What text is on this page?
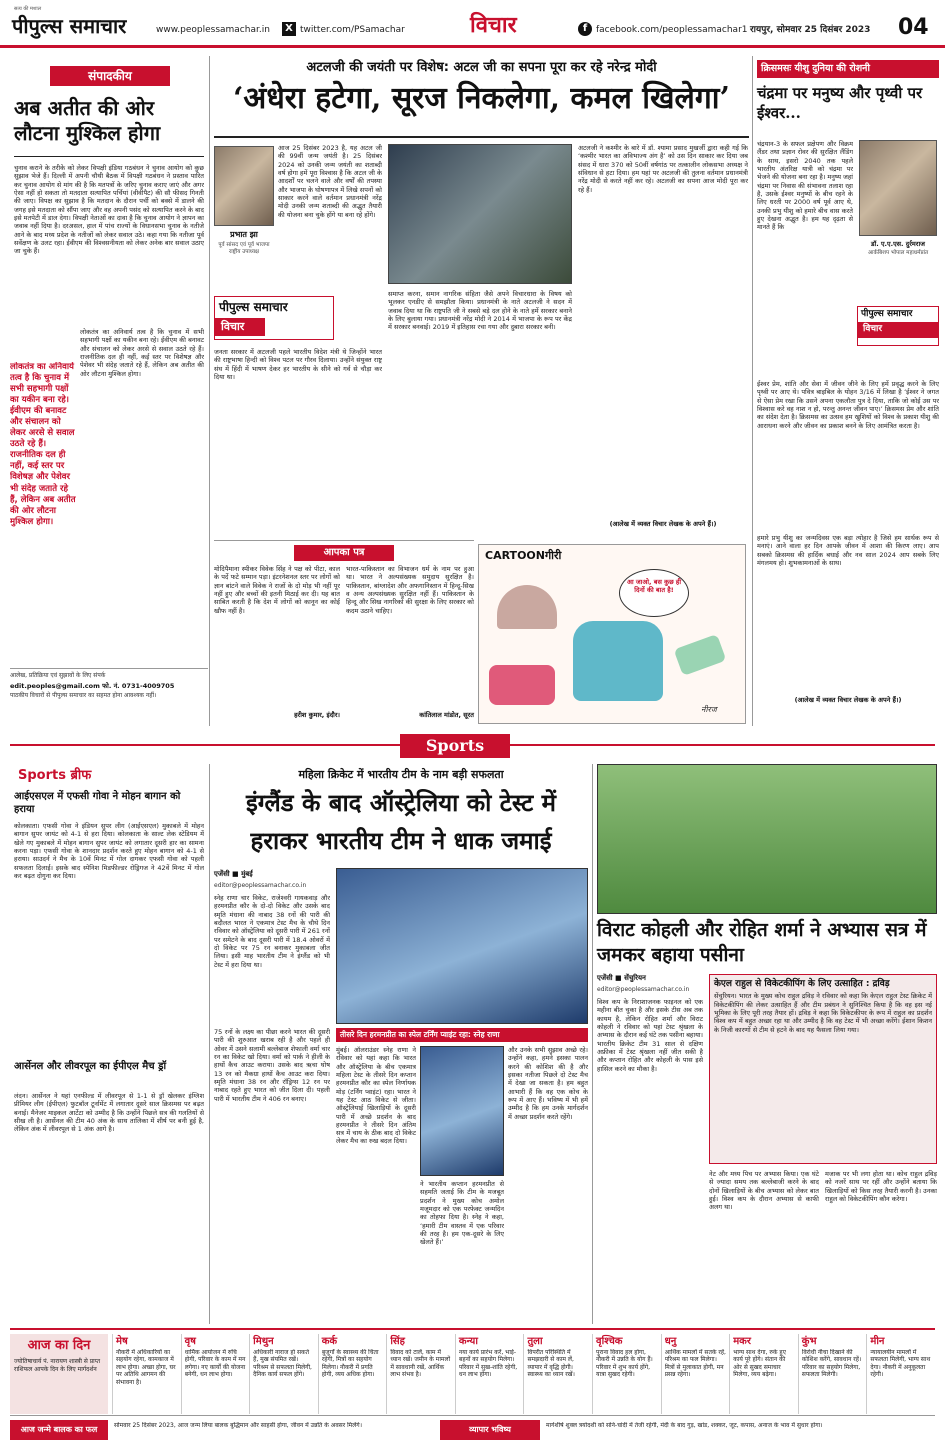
सत्य की मशाल
पीपुल्स समाचार	www.peoplessamachar.in	X twitter.com/PSamachar	विचार	f facebook.com/peoplessamachar1 रायपुर, सोमवार 25 दिसंबर 2023 04
संपादकीय
अब अतीत की ओर लौटना मुश्किल होगा
चुनाव कराने के तरीके को लेकर विपक्षी इंडिया गठबंधन ने चुनाव आयोग को कुछ सुझाव भेजे हैं। दिल्ली में अपनी चौथी बैठक में विपक्षी गठबंधन ने प्रस्ताव पारित कर चुनाव आयोग से मांग की है कि मतपत्रों के जरिए चुनाव कराए जाएं और अगर ऐसा नहीं हो सकता तो मतदाता सत्यापित पर्चियां (वीवीपैट) की सौ फीसद गिनती की जाए। विपक्ष का सुझाव है कि मतदान के दौरान पर्ची को बक्से में डालने की जगह इसे मतदाता को सौंपा जाए और वह अपनी पसंद को सत्यापित करने के बाद इसे मतपेटी में डाल देगा। विपक्षी नेताओं का दावा है कि चुनाव आयोग ने ज्ञापन का जवाब नहीं दिया है। दरअसल, हाल में पांच राज्यों के विधानसभा चुनाव के नतीजे आने के बाद मध्य प्रदेश के नतीजों को लेकर सवाल उठे। कहा गया कि नतीजा पूर्व सर्वेक्षण के उलट रहा। ईवीएम की विश्वसनीयता को लेकर अनेक बार सवाल उठाए जा चुके हैं।
लोकतंत्र का अनिवार्य तत्व है कि चुनाव में सभी सहभागी पक्षों का यकीन बना रहे। ईवीएम की बनावट और संचालन को लेकर अरसे से सवाल उठते रहे हैं। राजनीतिक दल ही नहीं, कई स्तर पर विशेषज्ञ और पेशेवर भी संदेह जताते रहे हैं, लेकिन अब अतीत की ओर लौटना मुश्किल होगा।
लोकतंत्र का अनिवार्य तत्व है कि चुनाव में सभी सहभागी पक्षों का यकीन बना रहे। ईवीएम की बनावट और संचालन को लेकर अरसे से सवाल उठते रहे हैं। राजनीतिक दल ही नहीं, कई स्तर पर विशेषज्ञ और पेशेवर भी संदेह जताते रहे हैं, लेकिन अब अतीत की ओर लौटना मुश्किल होगा।
आलेख, प्रतिक्रिया एवं सुझावों के लिए संपर्क
edit.peoples@gmail.com फो. नं. 0731-4009705
पाठकीय विचारों से पीपुल्स समाचार का सहमत होना आवश्यक नहीं।
अटलजी की जयंती पर विशेष: अटल जी का सपना पूरा कर रहे नरेन्द्र मोदी
‘अंधेरा हटेगा, सूरज निकलेगा, कमल खिलेगा’
प्रभात झा
पूर्व सांसद एवं पूर्व भाजपा राष्ट्रीय उपाध्यक्ष
पीपुल्स समाचार
विचार
आज 25 दिसंबर 2023 है, यह अटल जी की 99वीं जन्म जयंती है। 25 दिसंबर 2024 को उनकी जन्म जयंती का शताब्दी वर्ष होगा हमें पूरा विश्वास है कि अटल जी के आदर्शों पर चलने वाले और वर्षों की तपस्या और भाजपा के घोषणापत्र में लिखे सपनों को साकार करने वाले वर्तमान प्रधानमंत्री नरेंद्र मोदी उनकी जन्म शताब्दी की अद्भुत तैयारी की योजना बना चुके होंगे या बना रहे होंगे।
जनता सरकार में अटलजी पहले भारतीय विदेश मंत्री थे जिन्होंने भारत की राष्ट्रभाषा हिन्दी को विश्व पटल पर गौरव दिलाया। उन्होंने संयुक्त राष्ट्र संघ में हिंदी में भाषण देकर हर भारतीय के सीने को गर्व से चौड़ा कर दिया था।
समाप्त करना, समान नागरिक संहिता जैसे अपने विचारधारा के विषय को भूलकर एनडीए से समझौता किया। प्रधानमंत्री के नाते अटलजी ने सदन में जवाब दिया था कि राष्ट्रपति जी ने सबसे बड़े दल होने के नाते हमें सरकार बनाने के लिए बुलाया गया। प्रधानमंत्री नरेंद्र मोदी ने 2014 में भाजपा के रूप पर केंद्र में सरकार बनवाई। 2019 में इतिहास रचा गया और दुबारा सरकार बनी।
अटलजी ने कश्मीर के बारे में डॉ. श्यामा प्रसाद मुखर्जी द्वारा कही गई कि ‘कश्मीर भारत का अविभाज्य अंग है’ को उस दिन साकार कर दिया जब संसद में धारा 370 को 50वीं वर्षगांठ पर तत्कालीन लोकसभा अध्यक्ष ने संविधान से हटा दिया। हम यहां पर अटलजी की तुलना वर्तमान प्रधानमंत्री नरेंद्र मोदी से करते नहीं कर रहे। अटलजी का सपना आज मोदी पूरा कर रहे हैं।
(आलेख में व्यक्त विचार लेखक के अपने हैं।)
आपका पत्र
मोदिपैमाना स्पीकर विवेक सिंह ने पक्ष को पीटा, काल के पर्दे फटे सम्मान पड़ा। इंटरनेशनल स्तर पर लोगों को ज्ञान बांटने वाले विवेक ने राजों के दो मोड़ भी नहीं पूर नहीं हुए और बच्चों की इतनी मिठाई कर दी। यह बात साबित करती है कि देश में लोगों को कानून का कोई खौफ नहीं है।
हरीश कुमार, इंदौर।
भारत-पाकिस्तान का विभाजन धर्म के नाम पर हुआ था। भारत ने अल्पसंख्यक समुदाय सुरक्षित है। पाकिस्तान, बांग्लादेश और अफगानिस्तान में हिन्दू-सिख व अन्य अल्पसंख्यक सुरक्षित नहीं हैं। पाकिस्तान के हिन्दू और सिख नागरिकों की सुरक्षा के लिए सरकार को कदम उठाने चाहिए।
कांतिलाल मांडोत, सूरत
CARTOONगीरी
आ जाओ, बस कुछ ही दिनों की बात है!
नीरज
क्रिसमसः यीशु दुनिया की रोशनी
चंद्रमा पर मनुष्य और पृथ्वी पर ईश्वर...
चंद्रयान-3 के सफल प्रक्षेपण और विक्रम लैंडर तथा प्रज्ञान रोवर की सुरक्षित लैंडिंग के साथ, इसरो 2040 तक पहले भारतीय अंतरिक्ष यात्री को चंद्रमा पर भेजने की योजना बना रहा है। मनुष्य जहां चंद्रमा पर निवास की संभावना तलाश रहा है, उसके ईश्वर मनुष्यों के बीच रहने के लिए धरती पर 2000 वर्ष पूर्व आए थे, उनकी प्रभु यीशु को हमारे बीच वास करते हुए देखना अद्भुत है। हम यह दृढ़ता से मानते हैं कि
डॉ. ए.ए.एस. दुर्रमराज
आर्कबिशप भोपाल महाधर्मप्रांत
पीपुल्स समाचार
विचार
ईश्वर प्रेम, शांति और सेवा में जीवन जीने के लिए हमें प्रवृद्ध करने के लिए पृथ्वी पर आए थे। पवित्र बाइबिल के योहन 3/16 में लिखा है ‘ईश्वर ने जगत से ऐसा प्रेम रखा कि उसने अपना एकलौता पुत्र दे दिया, ताकि जो कोई उस पर विश्वास करे वह नाश न हो, परन्तु अनन्त जीवन पाए।’ क्रिसमस प्रेम और शांति का संदेश देता है। क्रिसमस का उत्सव हम खुशियों को विश्व के प्रकाश यीशु की आराधना करने और जीवन का प्रकाश बनने के लिए आमंत्रित करता है।
हमारे प्रभु यीशु का जन्मदिवस एक बड़ा त्योहार है जिसे हम सार्थक रूप से मनाएं। आने वाला हर दिन आपके जीवन में आशा की किरण लाए। आप सबको क्रिसमस की हार्दिक बधाई और नव साल 2024 आप सबके लिए मंगलमय हो। शुभकामनाओं के साथ।
(आलेख में व्यक्त विचार लेखक के अपने हैं।)
Sports
Sports ब्रीफ
आईएसएल में एफसी गोवा ने मोहन बागान को हराया
कोलकाता। एफसी गोवा ने इंडियन सुपर लीग (आईएसएल) मुकाबले में मोहन बागान सुपर जायंट को 4-1 से हरा दिया। कोलकाता के साल्ट लेक स्टेडियम में खेले गए मुकाबले में मोहन बागान सुपर जायंट को लगातार दूसरी हार का सामना करना पड़ा। एफसी गोवा के शानदार प्रदर्शन करते हुए मोहन बागान को 4-1 से हराया। साउदर्न ने मैच के 10वें मिनट में गोल दागकर एफसी गोवा को पहली सफलता दिलाई। इसके बाद स्पेनिश मिडफील्डर रोड्रिगज ने 42वें मिनट में गोल कर बढ़त दोगुना कर दिया।
आर्सेनल और लीवरपूल का ईपीएल मैच ड्रॉ
लंदन। आर्सेनल ने यहां एनफील्ड में लीवरपूल से 1-1 से ड्रॉ खेलकर इंग्लिश प्रीमियर लीग (ईपीएल) फुटबॉल टूर्नामेंट में लगातार दूसरे साल क्रिसमस पर बढ़त बनाई। मैनेजर माइकल आर्टेटा को उम्मीद है कि उन्होंने पिछले सत्र की गलतियों से सीख ली है। आर्सेनल की टीम 40 अंक के साथ तालिका में शीर्ष पर बनी हुई है, लेकिन अंक में लीवरपूल से 1 अंक आगे है।
महिला क्रिकेट में भारतीय टीम के नाम बड़ी सफलता
इंग्लैंड के बाद ऑस्ट्रेलिया को टेस्ट में
हराकर भारतीय टीम ने धाक जमाई
एजेंसी ■ मुंबई
editor@peoplessamachar.co.in
स्नेह राणा चार विकेट, राजेश्वरी गायकवाड़ और हरमनप्रीत कौर के दो-दो विकेट और उसके बाद स्मृति मंधाना की नाबाद 38 रनों की पारी की बदौलत भारत ने एकमात्र टेस्ट मैच के चौथे दिन रविवार को ऑस्ट्रेलिया को दूसरी पारी में 261 रनों पर समेटने के बाद दूसरी पारी में 18.4 ओवरों में दो विकेट पर 75 रन बनाकर मुकाबला जीत लिया। इसी माह भारतीय टीम ने इंग्लैंड को भी टेस्ट में हरा दिया था।
75 रनों के लक्ष्य का पीछा करने भारत की दूसरी पारी की शुरुआत खराब रही है और पहले ही ओवर में उसने सलामी बल्लेबाज शेफाली वर्मा चार रन का विकेट खो दिया। वर्मा को पार्क ने हीली के हाथों कैच आउट कराया। उसके बाद ऋचा घोष 13 रन को मैकग्रा हाथों कैच आउट करा दिया। स्मृति मंधाना 38 रन और रॉड्रिग्स 12 रन पर नाबाद रहते हुए भारत को जीत दिला दी। पहली पारी में भारतीय टीम ने 406 रन बनाए।
तीसरे दिन हरमनप्रीत का स्पेल टर्निंग प्वाइंट रहा: स्नेह राणा
मुंबई। ऑलराउंडर स्नेह राणा ने रविवार को यहां कहा कि भारत और ऑस्ट्रेलिया के बीच एकमात्र महिला टेस्ट के तीसरे दिन कप्तान हरमनप्रीत कौर का स्पेल निर्णायक मोड़ (टर्निंग प्वाइंट) रहा। भारत ने यह टेस्ट आठ विकेट से जीता। ऑस्ट्रेलियाई खिलाड़ियों के दूसरी पारी में अच्छे प्रदर्शन के बाद हरमनप्रीत ने तीसरे दिन अंतिम सत्र में चाय के ठीक बाद दो विकेट लेकर मैच का रुख बदल दिया।
ने भारतीय कप्तान हरमनप्रीत से सहमति जताई कि टीम के मजबूत प्रदर्शन ने मुख्य कोच अमोल मजूमदार को एक परफेक्ट जन्मदिन का तोहफा दिया है। स्नेह ने कहा, ‘हमारी टीम वास्तव में एक परिवार की तरह है। हम एक-दूसरे के लिए खेलते हैं।’
और उनके सभी सुझाव अच्छे रहे। उन्होंने कहा, हमने इसका पालन करने की कोशिश की है और इसका नतीजा पिछले दो टेस्ट मैच में देखा जा सकता है। हम बहुत आभारी हैं कि वह एक कोच के रूप में आए हैं। भविष्य में भी हमें उम्मीद है कि हम उनके मार्गदर्शन में अच्छा प्रदर्शन करते रहेंगे।
विराट कोहली और रोहित शर्मा ने अभ्यास सत्र में जमकर बहाया पसीना
एजेंसी ■ सेंचुरियन
editor@peoplessamachar.co.in
विश्व कप के निराशाजनक फाइनल को एक महीना बीत चुका है और इसके टीस अब तक कायम है, लेकिन रोहित शर्मा और विराट कोहली ने रविवार को यहां टेस्ट श्रृंखला के अभ्यास के दौरान कई घंटे तक पसीना बहाया। भारतीय क्रिकेट टीम 31 साल से दक्षिण अफ्रीका में टेस्ट श्रृंखला नहीं जीत सकी है और कप्तान रोहित और कोहली के पास इसे हासिल करने का मौका है।
केएल राहुल से विकेटकीपिंग के लिए उत्साहित : द्रविड़
सेंचुरियन। भारत के मुख्य कोच राहुल द्रविड़ ने रविवार को कहा कि केएल राहुल टेस्ट क्रिकेट में विकेटकीपिंग की लेकर उत्साहित हैं और टीम प्रबंधन ने सुनिश्चित किया है कि वह इस नई भूमिका के लिए पूरी तरह तैयार हों। द्रविड़ ने कहा कि विकेटकीपर के रूप में राहुल का प्रदर्शन विश्व कप में बहुत अच्छा रहा था और उम्मीद है कि वह टेस्ट में भी अच्छा करेंगे। ईशान किशन के निजी कारणों से टीम से हटने के बाद यह फैसला लिया गया।
नेट और मध्य पिच पर अभ्यास किया। एक घंटे से ज्यादा समय तक बल्लेबाजी करने के बाद दोनों खिलाड़ियों के बीच अभ्यास को लेकर बात हुई। विश्व कप के दौरान अभ्यास से काफी अलग था।
मजाक पर भी लगा होता था। कोच राहुल द्रविड़ को नजरें साथ पर रहीं और उन्होंने बताया कि खिलाड़ियों को किस तरह तैयारी करनी है। उनका राहुल को विकेटकीपिंग कौन करेगा।
आज का दिन
ज्योतिषाचार्य पं. नारायण शास्त्री से प्राप्त राशिफल आपके दिन के लिए मार्गदर्शन
मेष
नौकरी में अधिकारियों का सहयोग रहेगा, कामकाज में लाभ होगा। अच्छा होगा, घर पर अतिथि आगमन की संभावना है।
वृष
धार्मिक आयोजन में रुचि होगी, परिवार के काम में मन लगेगा। नए कार्यों की योजना बनेगी, धन लाभ होगा।
मिथुन
अधिकारी नाराज हो सकते हैं, मुख संयमित रखें। परिश्रम से सफलता मिलेगी, दैनिक कार्य सफल होंगे।
कर्क
बुजुर्गों के स्वास्थ्य की चिंता रहेगी, मित्रों का सहयोग मिलेगा। नौकरी में प्रगति होगी, व्यय अधिक होगा।
सिंह
विवाद को टालें, काम में ध्यान रखें। जमीन के मामलों में सावधानी रखें, आर्थिक लाभ संभव है।
कन्या
नया कार्य प्रारंभ करें, भाई-बहनों का सहयोग मिलेगा। परिवार में सुख-शांति रहेगी, धन लाभ होगा।
तुला
विपरीत परिस्थिति में समझदारी से काम लें, व्यापार में वृद्धि होगी। स्वास्थ्य का ध्यान रखें।
वृश्चिक
पुराना विवाद हल होगा, नौकरी में उन्नति के योग हैं। परिवार में शुभ कार्य होंगे, यात्रा सुखद रहेगी।
धनु
आर्थिक मामलों में सतर्क रहें, परिश्रम का फल मिलेगा। मित्रों से मुलाकात होगी, मन प्रसन्न रहेगा।
मकर
भाग्य साथ देगा, रुके हुए कार्य पूरे होंगे। संतान की ओर से सुखद समाचार मिलेगा, व्यय बढ़ेगा।
कुंभ
विरोधी नीचा दिखाने की कोशिश करेंगे, सावधान रहें। परिवार का सहयोग मिलेगा, सफलता मिलेगी।
मीन
न्यायालयीन मामलों में सफलता मिलेगी, भाग्य साथ देगा। नौकरी में अनुकूलता रहेगी।
आज जन्मे बालक का फल	सोमवार 25 दिसंबर 2023, आज जन्म लिया बालक बुद्धिमान और साहसी होगा, जीवन में उन्नति के अवसर मिलेंगे।	व्यापार भविष्य	मार्गशीर्ष शुक्ल त्रयोदशी को सोने-चांदी में तेजी रहेगी, मंदी के बाद गुड़, खांड, शक्कर, जूट, कपास, अनाज के भाव में सुधार होगा।
